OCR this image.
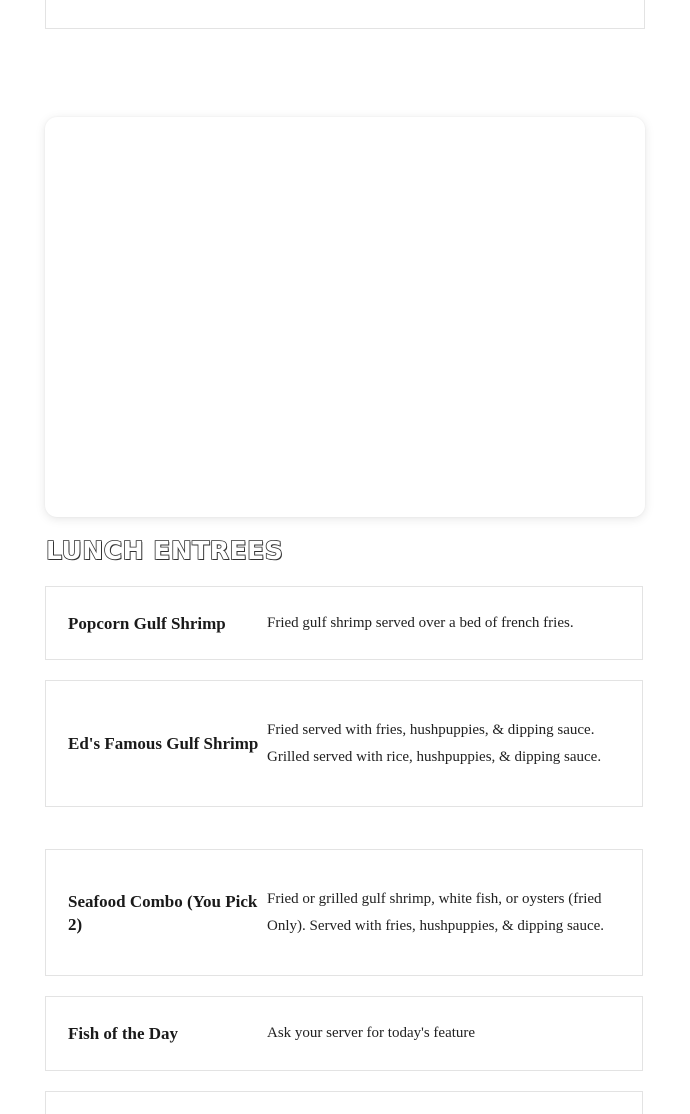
LUNCH ENTREES
Popcorn Gulf Shrimp	Fried gulf shrimp served over a bed of french fries.
Ed's Famous Gulf Shrimp
Fried served with fries, hushpuppies, & dipping sauce. Grilled served with rice, hushpuppies, & dipping sauce.
Seafood Combo (You Pick 2)
Fried or grilled gulf shrimp, white fish, or oysters (fried Only). Served with fries, hushpuppies, & dipping sauce.
Fish of the Day	Ask your server for today's feature
